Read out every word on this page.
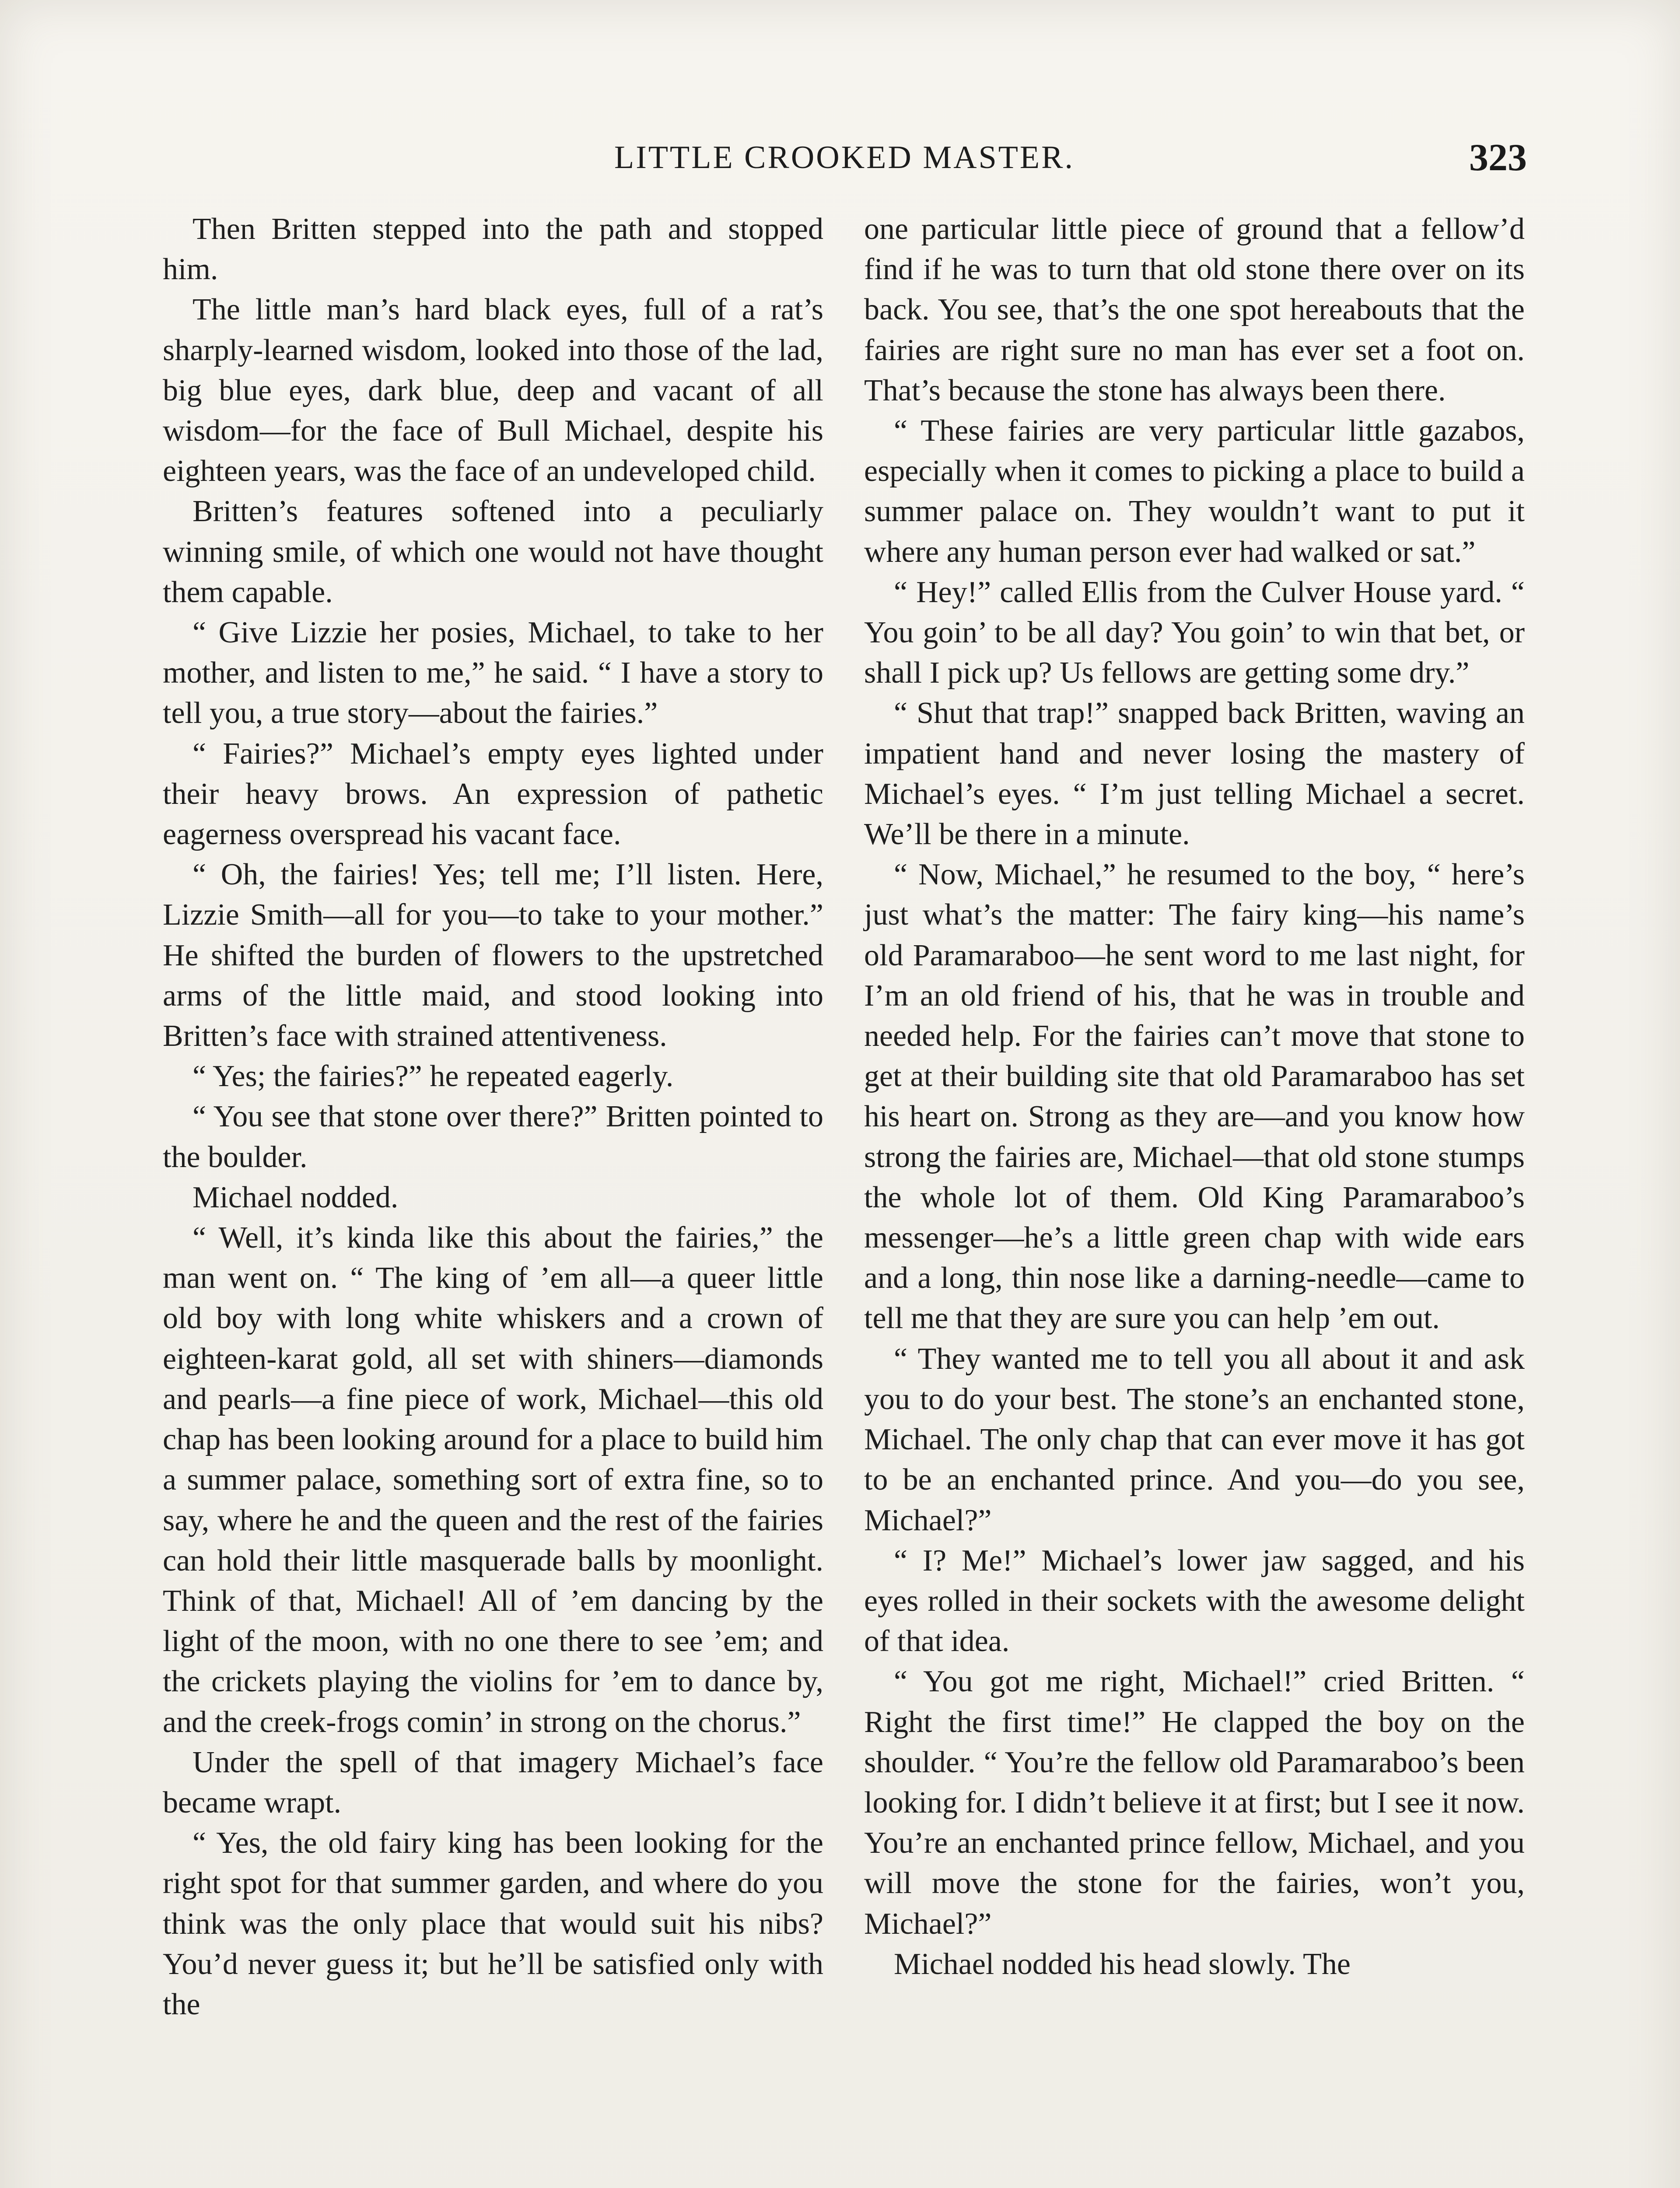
LITTLE CROOKED MASTER.	323

Then Britten stepped into the path and stopped him.

The little man’s hard black eyes, full of a rat’s sharply-learned wisdom, looked into those of the lad, big blue eyes, dark blue, deep and vacant of all wisdom—for the face of Bull Michael, despite his eighteen years, was the face of an undeveloped child.

Britten’s features softened into a peculiarly winning smile, of which one would not have thought them capable.

“ Give Lizzie her posies, Michael, to take to her mother, and listen to me,” he said. “ I have a story to tell you, a true story—about the fairies.”

“ Fairies?” Michael’s empty eyes lighted under their heavy brows. An expression of pathetic eagerness overspread his vacant face.

“ Oh, the fairies! Yes; tell me; I’ll listen. Here, Lizzie Smith—all for you—to take to your mother.” He shifted the burden of flowers to the upstretched arms of the little maid, and stood looking into Britten’s face with strained attentiveness.

“ Yes; the fairies?” he repeated eagerly.

“ You see that stone over there?” Britten pointed to the boulder.

Michael nodded.

“ Well, it’s kinda like this about the fairies,” the man went on. “ The king of ’em all—a queer little old boy with long white whiskers and a crown of eighteen-karat gold, all set with shiners—diamonds and pearls—a fine piece of work, Michael—this old chap has been looking around for a place to build him a summer palace, something sort of extra fine, so to say, where he and the queen and the rest of the fairies can hold their little masquerade balls by moonlight. Think of that, Michael! All of ’em dancing by the light of the moon, with no one there to see ’em; and the crickets playing the violins for ’em to dance by, and the creek-frogs comin’ in strong on the chorus.”

Under the spell of that imagery Michael’s face became wrapt.

“ Yes, the old fairy king has been looking for the right spot for that summer garden, and where do you think was the only place that would suit his nibs? You’d never guess it; but he’ll be satisfied only with the

one particular little piece of ground that a fellow’d find if he was to turn that old stone there over on its back. You see, that’s the one spot hereabouts that the fairies are right sure no man has ever set a foot on. That’s because the stone has always been there.

“ These fairies are very particular little gazabos, especially when it comes to picking a place to build a summer palace on. They wouldn’t want to put it where any human person ever had walked or sat.”

“ Hey!” called Ellis from the Culver House yard. “ You goin’ to be all day? You goin’ to win that bet, or shall I pick up? Us fellows are getting some dry.”

“ Shut that trap!” snapped back Britten, waving an impatient hand and never losing the mastery of Michael’s eyes. “ I’m just telling Michael a secret. We’ll be there in a minute.

“ Now, Michael,” he resumed to the boy, “ here’s just what’s the matter: The fairy king—his name’s old Paramaraboo—he sent word to me last night, for I’m an old friend of his, that he was in trouble and needed help. For the fairies can’t move that stone to get at their building site that old Paramaraboo has set his heart on. Strong as they are—and you know how strong the fairies are, Michael—that old stone stumps the whole lot of them. Old King Paramaraboo’s messenger—he’s a little green chap with wide ears and a long, thin nose like a darning-needle—came to tell me that they are sure you can help ’em out.

“ They wanted me to tell you all about it and ask you to do your best. The stone’s an enchanted stone, Michael. The only chap that can ever move it has got to be an enchanted prince. And you—do you see, Michael?”

“ I? Me!” Michael’s lower jaw sagged, and his eyes rolled in their sockets with the awesome delight of that idea.

“ You got me right, Michael!” cried Britten. “ Right the first time!” He clapped the boy on the shoulder. “ You’re the fellow old Paramaraboo’s been looking for. I didn’t believe it at first; but I see it now. You’re an enchanted prince fellow, Michael, and you will move the stone for the fairies, won’t you, Michael?”

Michael nodded his head slowly. The
